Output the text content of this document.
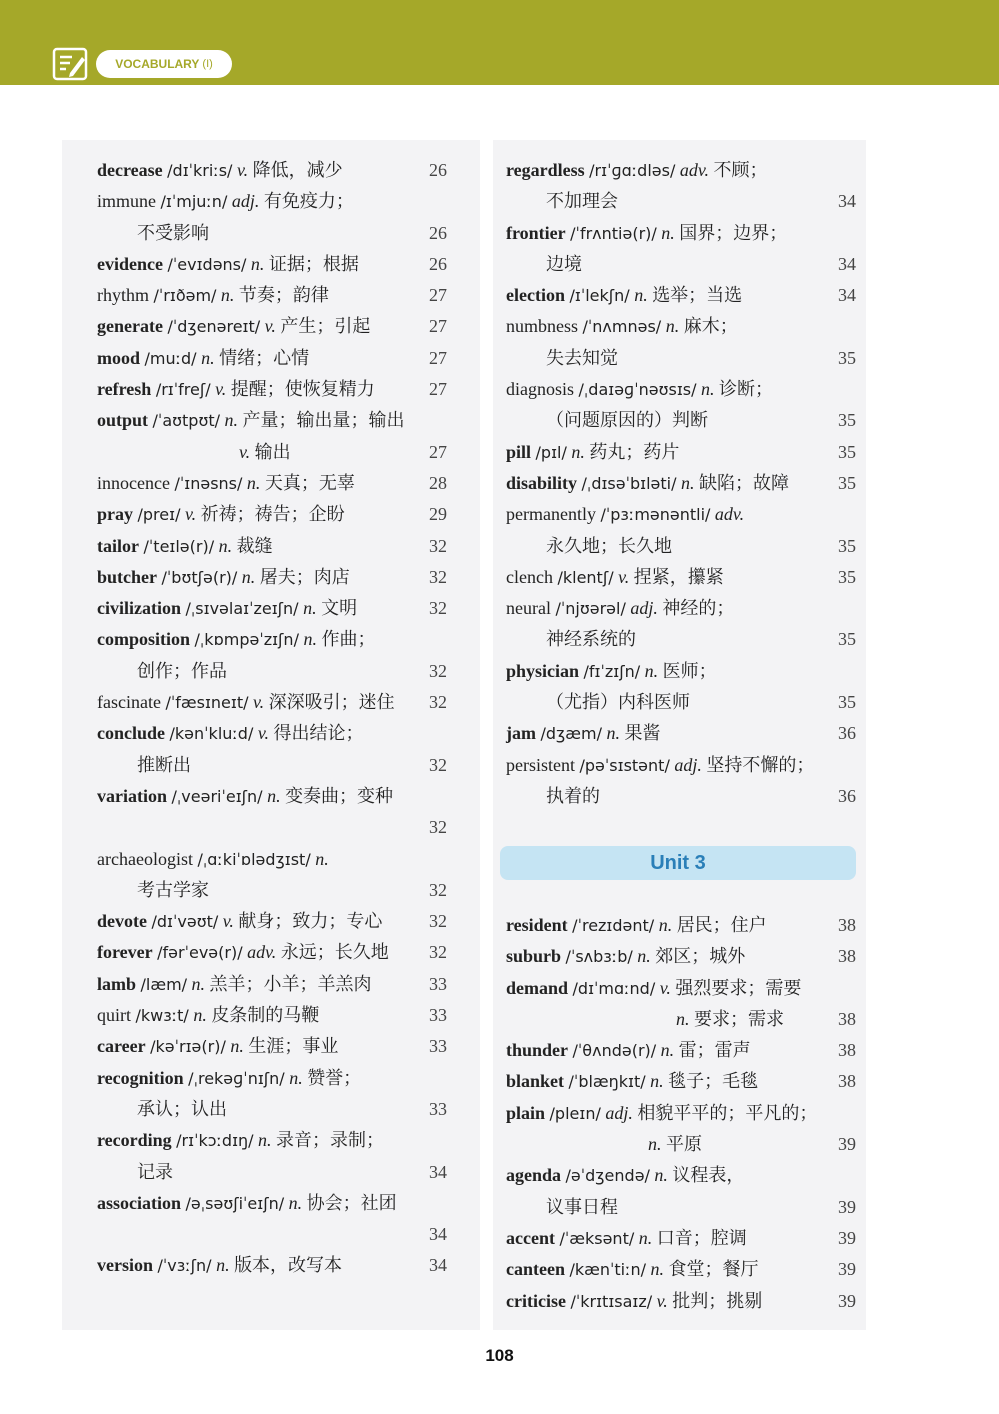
VOCABULARY (I)
decrease /dɪˈkriːs/ v. 降低，减少	26
immune /ɪˈmjuːn/ adj. 有免疫力；
不受影响	26
evidence /ˈevɪdəns/ n. 证据；根据	26
rhythm /ˈrɪðəm/ n. 节奏；韵律	27
generate /ˈdʒenəreɪt/ v. 产生；引起	27
mood /muːd/ n. 情绪；心情	27
refresh /rɪˈfreʃ/ v. 提醒；使恢复精力	27
output /ˈaʊtpʊt/ n. 产量；输出量；输出
v. 输出	27
innocence /ˈɪnəsns/ n. 天真；无辜	28
pray /preɪ/ v. 祈祷；祷告；企盼	29
tailor /ˈteɪlə(r)/ n. 裁缝	32
butcher /ˈbʊtʃə(r)/ n. 屠夫；肉店	32
civilization /ˌsɪvəlaɪˈzeɪʃn/ n. 文明	32
composition /ˌkɒmpəˈzɪʃn/ n. 作曲；
创作；作品	32
fascinate /ˈfæsɪneɪt/ v. 深深吸引；迷住 32
conclude /kənˈkluːd/ v. 得出结论；
推断出	32
variation /ˌveəriˈeɪʃn/ n. 变奏曲；变种
32
archaeologist /ˌɑːkiˈɒlədʒɪst/ n.
考古学家	32
devote /dɪˈvəʊt/ v. 献身；致力；专心	32
forever /fərˈevə(r)/ adv. 永远；长久地 32
lamb /læm/ n. 羔羊；小羊；羊羔肉	33
quirt /kwɜːt/ n. 皮条制的马鞭	33
career /kəˈrɪə(r)/ n. 生涯；事业	33
recognition /ˌrekəɡˈnɪʃn/ n. 赞誉；
承认；认出	33
recording /rɪˈkɔːdɪŋ/ n. 录音；录制；
记录	34
association /əˌsəʊʃiˈeɪʃn/ n. 协会；社团
34
version /ˈvɜːʃn/ n. 版本，改写本	34
regardless /rɪˈɡɑːdləs/ adv. 不顾；
不加理会	34
frontier /ˈfrʌntiə(r)/ n. 国界；边界；
边境	34
election /ɪˈlekʃn/ n. 选举；当选	34
numbness /ˈnʌmnəs/ n. 麻木；
失去知觉	35
diagnosis /ˌdaɪəɡˈnəʊsɪs/ n. 诊断；
（问题原因的）判断	35
pill /pɪl/ n. 药丸；药片	35
disability /ˌdɪsəˈbɪləti/ n. 缺陷；故障	35
permanently /ˈpɜːmənəntli/ adv.
永久地；长久地	35
clench /klentʃ/ v. 捏紧，攥紧	35
neural /ˈnjʊərəl/ adj. 神经的；
神经系统的	35
physician /fɪˈzɪʃn/ n. 医师；
（尤指）内科医师	35
jam /dʒæm/ n. 果酱	36
persistent /pəˈsɪstənt/ adj. 坚持不懈的；
执着的	36
Unit 3
resident /ˈrezɪdənt/ n. 居民；住户	38
suburb /ˈsʌbɜːb/ n. 郊区；城外	38
demand /dɪˈmɑːnd/ v. 强烈要求；需要
n. 要求；需求	38
thunder /ˈθʌndə(r)/ n. 雷；雷声	38
blanket /ˈblæŋkɪt/ n. 毯子；毛毯	38
plain /pleɪn/ adj. 相貌平平的；平凡的；
n. 平原	39
agenda /əˈdʒendə/ n. 议程表，
议事日程	39
accent /ˈæksənt/ n. 口音；腔调	39
canteen /kænˈtiːn/ n. 食堂；餐厅	39
criticise /ˈkrɪtɪsaɪz/ v. 批判；挑剔	39
108
